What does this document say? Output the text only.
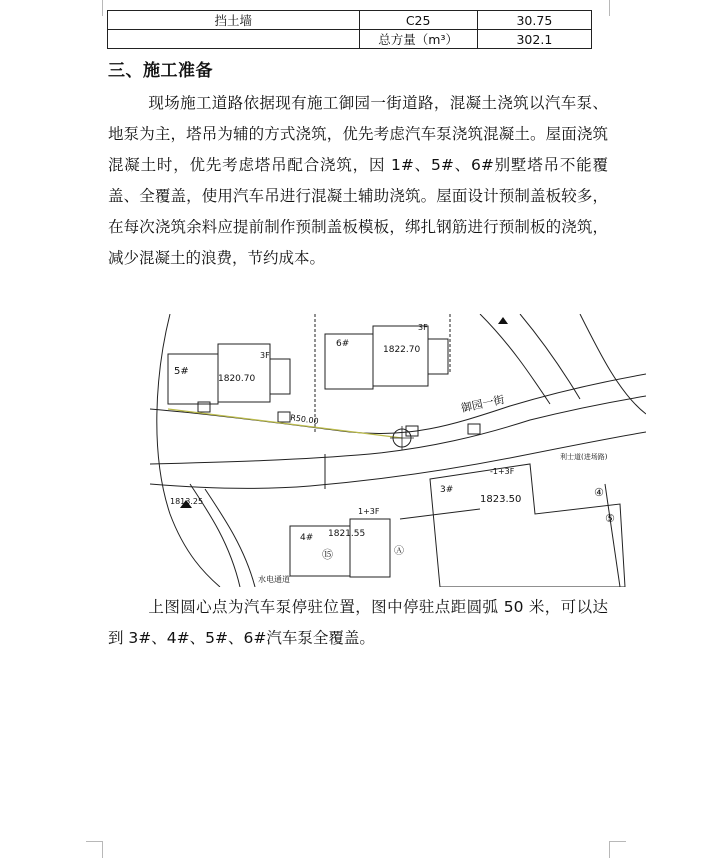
挡土墙	C25	30.75
	总方量（m³）	302.1
三、施工准备
现场施工道路依据现有施工御园一街道路，混凝土浇筑以汽车泵、地泵为主，塔吊为辅的方式浇筑，优先考虑汽车泵浇筑混凝土。屋面浇筑混凝土时，优先考虑塔吊配合浇筑，因 1#、5#、6#别墅塔吊不能覆盖、全覆盖，使用汽车吊进行混凝土辅助浇筑。屋面设计预制盖板较多，在每次浇筑余料应提前制作预制盖板模板，绑扎钢筋进行预制板的浇筑，减少混凝土的浪费，节约成本。
5#
1820.70
6#
1822.70
3#
1823.50
4# 1821.55
3F
3F
御园一街
R50.00
利士道(进场路)
水电通道
1813.25
-1+3F
1+3F
⑮
④
⑤
Ⓐ
上图圆心点为汽车泵停驻位置，图中停驻点距圆弧 50 米，可以达到 3#、4#、5#、6#汽车泵全覆盖。
